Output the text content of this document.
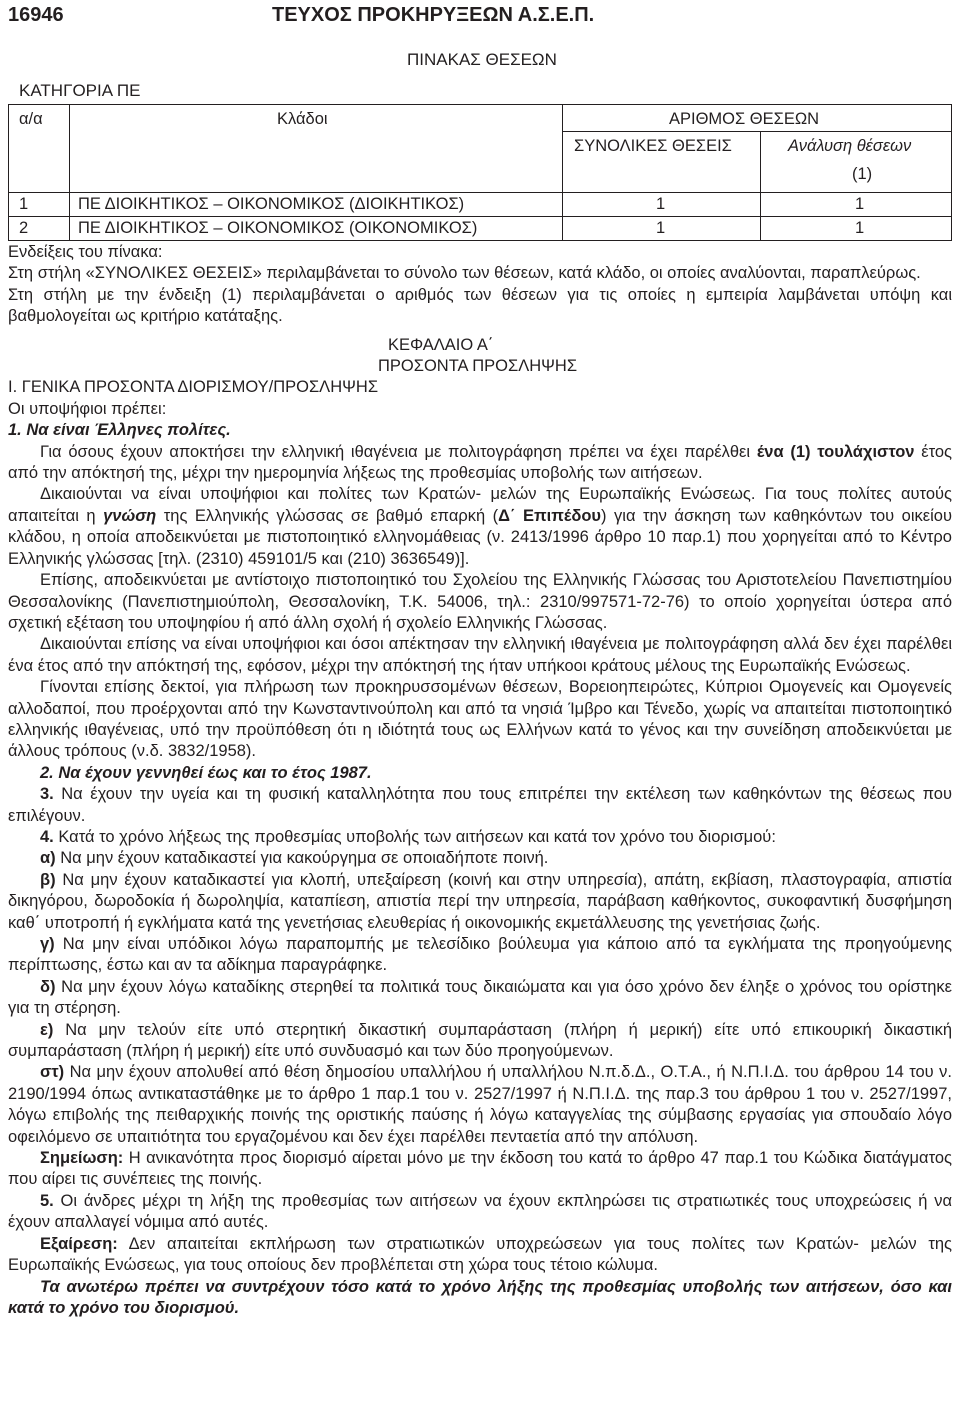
16946	ΤΕΥΧΟΣ ΠΡΟΚΗΡΥΞΕΩΝ Α.Σ.Ε.Π.
ΠΙΝΑΚΑΣ ΘΕΣΕΩΝ
ΚΑΤΗΓΟΡΙΑ ΠΕ
α/α	Κλάδοι	ΑΡΙΘΜΟΣ ΘΕΣΕΩΝ
ΣΥΝΟΛΙΚΕΣ ΘΕΣΕΙΣ	Ανάλυση θέσεων
(1)
1	ΠΕ ΔΙΟΙΚΗΤΙΚΟΣ – ΟΙΚΟΝΟΜΙΚΟΣ (ΔΙΟΙΚΗΤΙΚΟΣ)	1	1
2	ΠΕ ΔΙΟΙΚΗΤΙΚΟΣ – ΟΙΚΟΝΟΜΙΚΟΣ (ΟΙΚΟΝΟΜΙΚΟΣ)	1	1

Ενδείξεις του πίνακα:

Στη στήλη «ΣΥΝΟΛΙΚΕΣ ΘΕΣΕΙΣ» περιλαμβάνεται το σύνολο των θέσεων, κατά κλάδο, οι οποίες αναλύονται, παραπλεύρως.

Στη στήλη με την ένδειξη (1) περιλαμβάνεται ο αριθμός των θέσεων για τις οποίες η εμπειρία λαμβάνεται υπόψη και βαθμολογείται ως κριτήριο κατάταξης.

ΚΕΦΑΛΑΙΟ Α΄
ΠΡΟΣΟΝΤΑ ΠΡΟΣΛΗΨΗΣ

Ι. ΓΕΝΙΚΑ ΠΡΟΣΟΝΤΑ ΔΙΟΡΙΣΜΟΥ/ΠΡΟΣΛΗΨΗΣ

Οι υποψήφιοι πρέπει:

1. Να είναι Έλληνες πολίτες.

Για όσους έχουν αποκτήσει την ελληνική ιθαγένεια με πολιτογράφηση πρέπει να έχει παρέλθει ένα (1) τουλάχιστον έτος από την απόκτησή της, μέχρι την ημερομηνία λήξεως της προθεσμίας υποβολής των αιτήσεων.

Δικαιούνται να είναι υποψήφιοι και πολίτες των Κρατών- μελών της Ευρωπαϊκής Ενώσεως. Για τους πολίτες αυτούς απαιτείται η γνώση της Ελληνικής γλώσσας σε βαθμό επαρκή (Δ΄ Επιπέδου) για την άσκηση των καθηκόντων του οικείου κλάδου, η οποία αποδεικνύεται με πιστοποιητικό ελληνομάθειας (ν. 2413/1996 άρθρο 10 παρ.1) που χορηγείται από το Κέντρο Ελληνικής γλώσσας [τηλ. (2310) 459101/5 και (210) 3636549)].

Επίσης, αποδεικνύεται με αντίστοιχο πιστοποιητικό του Σχολείου της Ελληνικής Γλώσσας του Αριστοτελείου Πανεπιστημίου Θεσσαλονίκης (Πανεπιστημιούπολη, Θεσσαλονίκη, Τ.Κ. 54006, τηλ.: 2310/997571-72-76) το οποίο χορηγείται ύστερα από σχετική εξέταση του υποψηφίου ή από άλλη σχολή ή σχολείο Ελληνικής Γλώσσας.

Δικαιούνται επίσης να είναι υποψήφιοι και όσοι απέκτησαν την ελληνική ιθαγένεια με πολιτογράφηση αλλά δεν έχει παρέλθει ένα έτος από την απόκτησή της, εφόσον, μέχρι την απόκτησή της ήταν υπήκοοι κράτους μέλους της Ευρωπαϊκής Ενώσεως.

Γίνονται επίσης δεκτοί, για πλήρωση των προκηρυσσομένων θέσεων, Βορειοηπειρώτες, Κύπριοι Ομογενείς και Ομογενείς αλλοδαποί, που προέρχονται από την Κωνσταντινούπολη και από τα νησιά Ίμβρο και Τένεδο, χωρίς να απαιτείται πιστοποιητικό ελληνικής ιθαγένειας, υπό την προϋπόθεση ότι η ιδιότητά τους ως Ελλήνων κατά το γένος και την συνείδηση αποδεικνύεται με άλλους τρόπους (ν.δ. 3832/1958).

2. Να έχουν γεννηθεί έως και το έτος 1987.

3. Να έχουν την υγεία και τη φυσική καταλληλότητα που τους επιτρέπει την εκτέλεση των καθηκόντων της θέσεως που επιλέγουν.

4. Κατά το χρόνο λήξεως της προθεσμίας υποβολής των αιτήσεων και κατά τον χρόνο του διορισμού:

α) Να μην έχουν καταδικαστεί για κακούργημα σε οποιαδήποτε ποινή.

β) Να μην έχουν καταδικαστεί για κλοπή, υπεξαίρεση (κοινή και στην υπηρεσία), απάτη, εκβίαση, πλαστογραφία, απιστία δικηγόρου, δωροδοκία ή δωροληψία, καταπίεση, απιστία περί την υπηρεσία, παράβαση καθήκοντος, συκοφαντική δυσφήμηση καθ΄ υποτροπή ή εγκλήματα κατά της γενετήσιας ελευθερίας ή οικονομικής εκμετάλλευσης της γενετήσιας ζωής.

γ) Να μην είναι υπόδικοι λόγω παραπομπής με τελεσίδικο βούλευμα για κάποιο από τα εγκλήματα της προηγούμενης περίπτωσης, έστω και αν τα αδίκημα παραγράφηκε.

δ) Να μην έχουν λόγω καταδίκης στερηθεί τα πολιτικά τους δικαιώματα και για όσο χρόνο δεν έληξε ο χρόνος του ορίστηκε για τη στέρηση.

ε) Να μην τελούν είτε υπό στερητική δικαστική συμπαράσταση (πλήρη ή μερική) είτε υπό επικουρική δικαστική συμπαράσταση (πλήρη ή μερική) είτε υπό συνδυασμό και των δύο προηγούμενων.

στ) Να μην έχουν απολυθεί από θέση δημοσίου υπαλλήλου ή υπαλλήλου Ν.π.δ.Δ., Ο.Τ.Α., ή Ν.Π.Ι.Δ. του άρθρου 14 του ν. 2190/1994 όπως αντικαταστάθηκε με το άρθρο 1 παρ.1 του ν. 2527/1997 ή Ν.Π.Ι.Δ. της παρ.3 του άρθρου 1 του ν. 2527/1997, λόγω επιβολής της πειθαρχικής ποινής της οριστικής παύσης ή λόγω καταγγελίας της σύμβασης εργασίας για σπουδαίο λόγο οφειλόμενο σε υπαιτιότητα του εργαζομένου και δεν έχει παρέλθει πενταετία από την απόλυση.

Σημείωση: Η ανικανότητα προς διορισμό αίρεται μόνο με την έκδοση του κατά το άρθρο 47 παρ.1 του Κώδικα διατάγματος που αίρει τις συνέπειες της ποινής.

5. Οι άνδρες μέχρι τη λήξη της προθεσμίας των αιτήσεων να έχουν εκπληρώσει τις στρατιωτικές τους υποχρεώσεις ή να έχουν απαλλαγεί νόμιμα από αυτές.

Εξαίρεση: Δεν απαιτείται εκπλήρωση των στρατιωτικών υποχρεώσεων για τους πολίτες των Κρατών- μελών της Ευρωπαϊκής Ενώσεως, για τους οποίους δεν προβλέπεται στη χώρα τους τέτοιο κώλυμα.

Τα ανωτέρω πρέπει να συντρέχουν τόσο κατά το χρόνο λήξης της προθεσμίας υποβολής των αιτήσεων, όσο και κατά το χρόνο του διορισμού.
